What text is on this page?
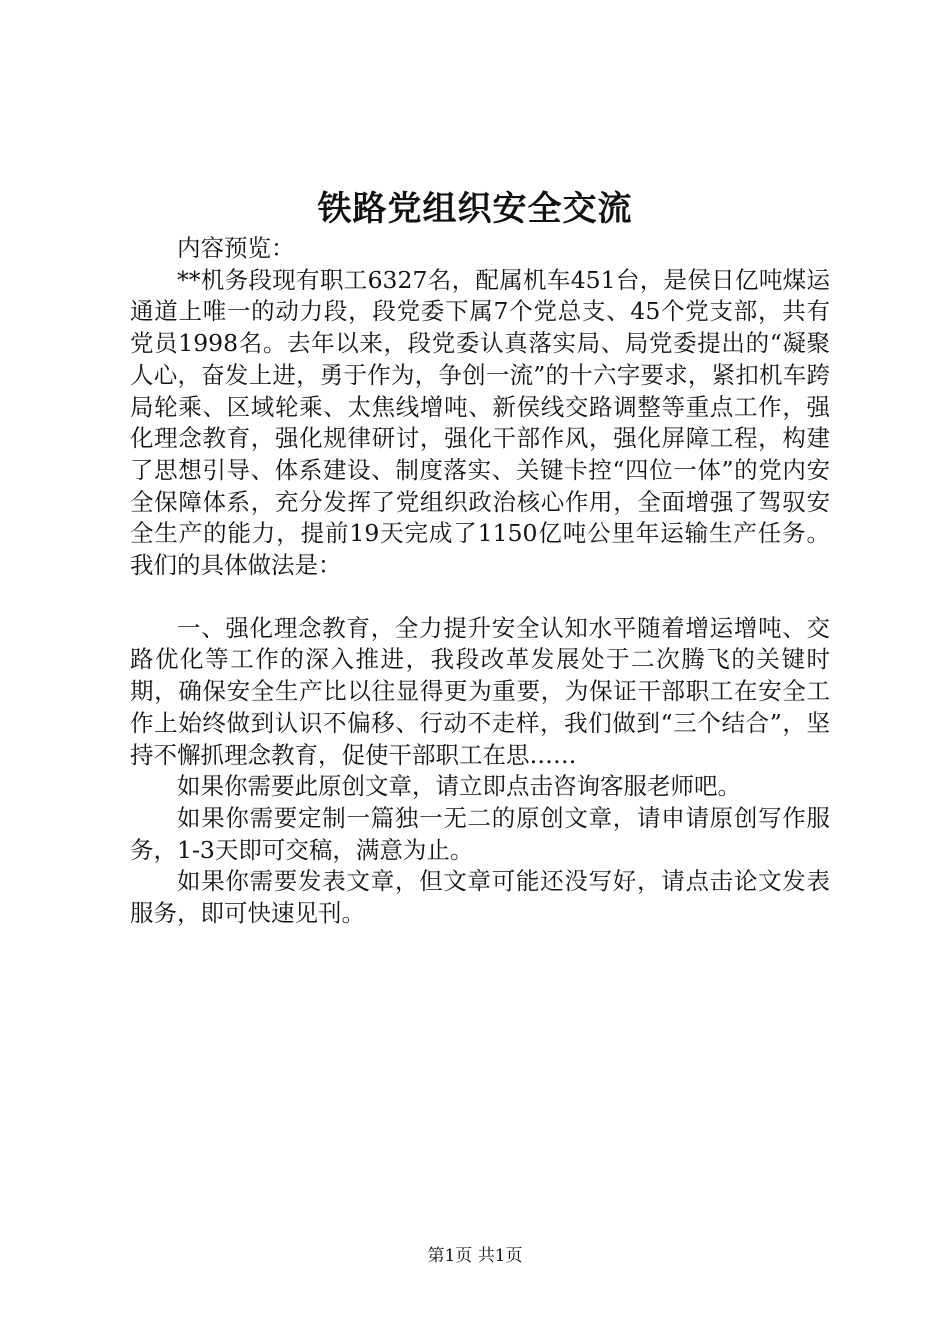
铁路党组织安全交流

内容预览：

**机务段现有职工6327名，配属机车451台，是侯日亿吨煤运通道上唯一的动力段，段党委下属7个党总支、45个党支部，共有党员1998名。去年以来，段党委认真落实局、局党委提出的“凝聚人心，奋发上进，勇于作为，争创一流”的十六字要求，紧扣机车跨局轮乘、区域轮乘、太焦线增吨、新侯线交路调整等重点工作，强化理念教育，强化规律研讨，强化干部作风，强化屏障工程，构建了思想引导、体系建设、制度落实、关键卡控“四位一体”的党内安全保障体系，充分发挥了党组织政治核心作用，全面增强了驾驭安全生产的能力，提前19天完成了1150亿吨公里年运输生产任务。我们的具体做法是：

一、强化理念教育，全力提升安全认知水平随着增运增吨、交路优化等工作的深入推进，我段改革发展处于二次腾飞的关键时期，确保安全生产比以往显得更为重要，为保证干部职工在安全工作上始终做到认识不偏移、行动不走样，我们做到“三个结合”，坚持不懈抓理念教育，促使干部职工在思……

如果你需要此原创文章，请立即点击咨询客服老师吧。

如果你需要定制一篇独一无二的原创文章，请申请原创写作服务，1-3天即可交稿，满意为止。

如果你需要发表文章，但文章可能还没写好，请点击论文发表服务，即可快速见刊。

第1页 共1页
